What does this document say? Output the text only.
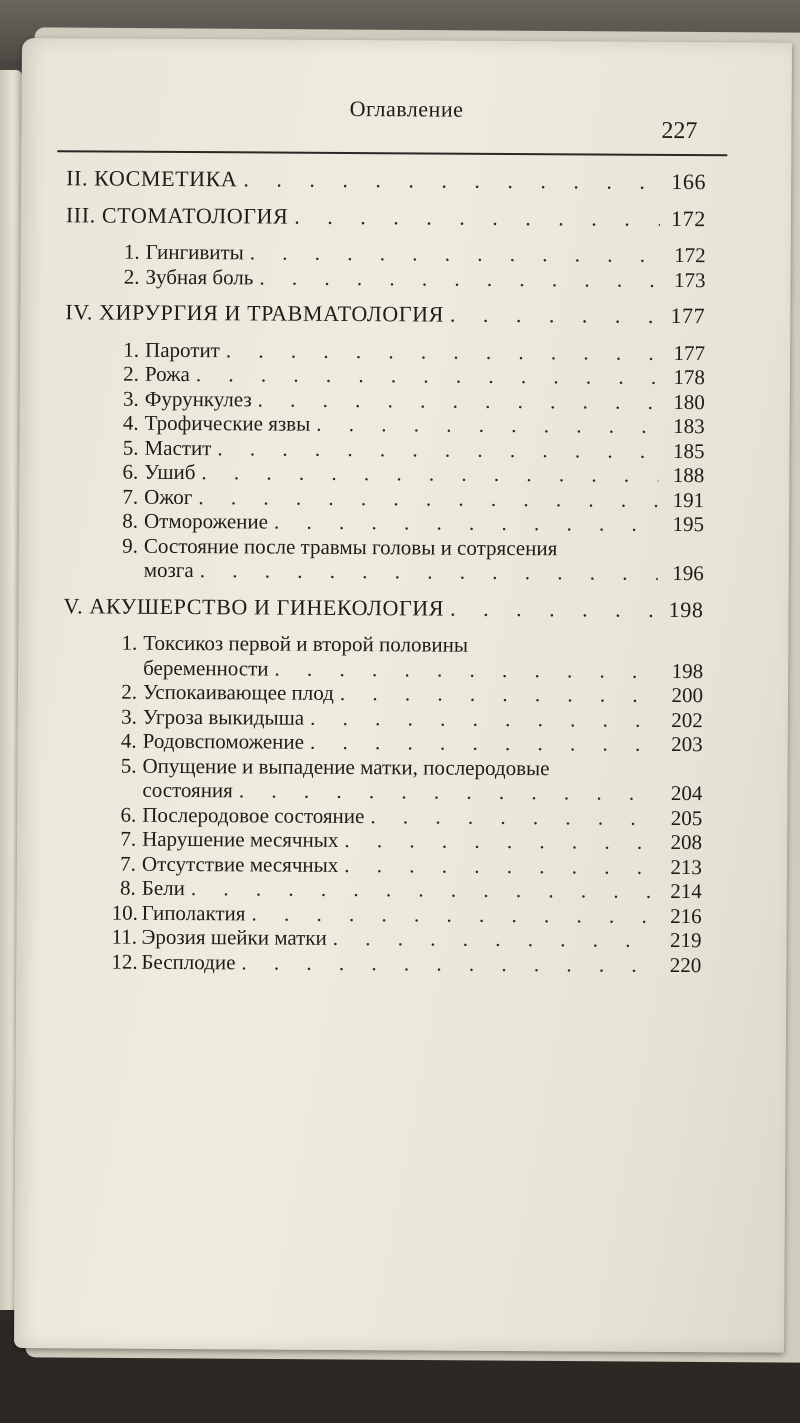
Оглавление
227
II. КОСМЕТИКА . . .	166
III. СТОМАТОЛОГИЯ . . .	172
1. Гингивиты . . .	172
2. Зубная боль . . .	173
IV. ХИРУРГИЯ И ТРАВМАТОЛОГИЯ . . .	177
1. Паротит . . .	177
2. Рожа . . .	178
3. Фурункулез . . .	180
4. Трофические язвы . . .	183
5. Мастит . . .	185
6. Ушиб . . .	188
7. Ожог . . .	191
8. Отморожение . . .	195
9. Состояние после травмы головы и сотрясения
мозга . . .	196
V. АКУШЕРСТВО И ГИНЕКОЛОГИЯ . . .	198
1. Токсикоз первой и второй половины
беременности . . .	198
2. Успокаивающее плод . . .	200
3. Угроза выкидыша . . .	202
4. Родовспоможение . . .	203
5. Опущение и выпадение матки, послеродовые
состояния . . .	204
6. Послеродовое состояние . . .	205
7. Нарушение месячных . . .	208
7. Отсутствие месячных . . .	213
8. Бели . . .	214
10. Гиполактия . . .	216
11. Эрозия шейки матки . . .	219
12. Бесплодие . . .	220
